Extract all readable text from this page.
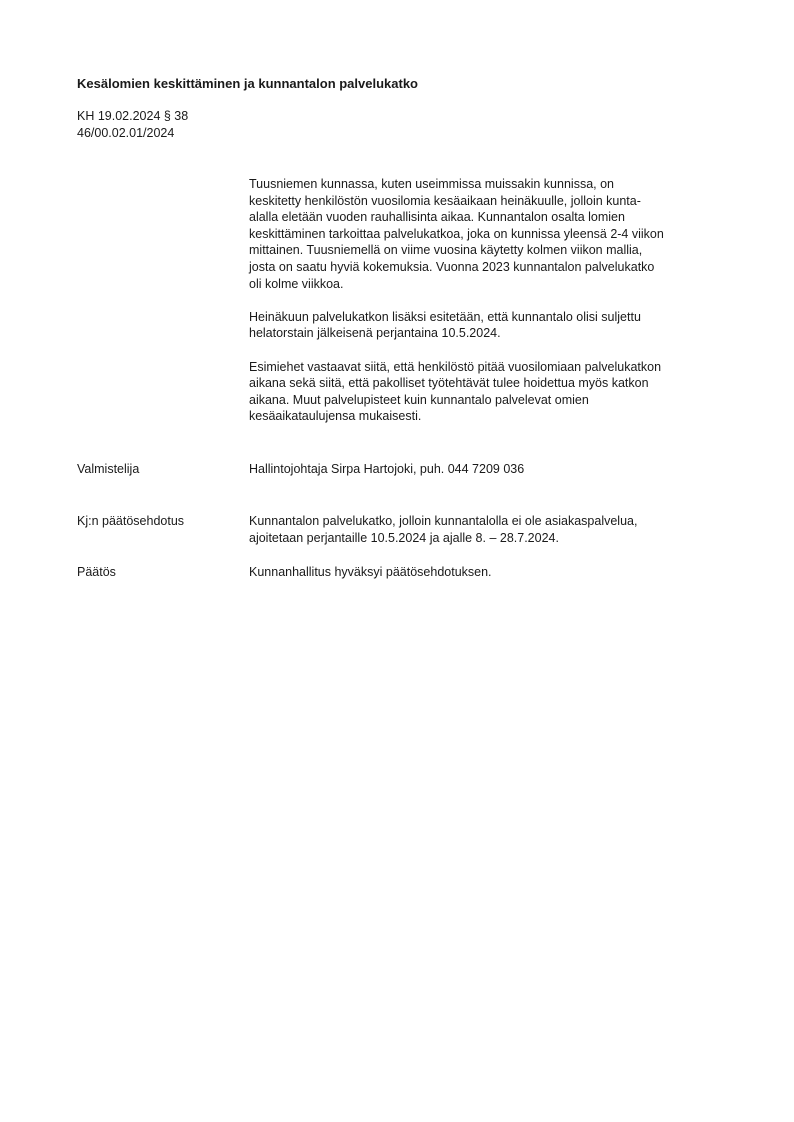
Kesälomien keskittäminen ja kunnantalon palvelukatko
KH 19.02.2024 § 38
46/00.02.01/2024

Tuusniemen kunnassa, kuten useimmissa muissakin kunnissa, on
keskitetty henkilöstön vuosilomia kesäaikaan heinäkuulle, jolloin kunta-
alalla eletään vuoden rauhallisinta aikaa. Kunnantalon osalta lomien
keskittäminen tarkoittaa palvelukatkoa, joka on kunnissa yleensä 2-4 viikon
mittainen. Tuusniemellä on viime vuosina käytetty kolmen viikon mallia,
josta on saatu hyviä kokemuksia. Vuonna 2023 kunnantalon palvelukatko
oli kolme viikkoa.

Heinäkuun palvelukatkon lisäksi esitetään, että kunnantalo olisi suljettu
helatorstain jälkeisenä perjantaina 10.5.2024.

Esimiehet vastaavat siitä, että henkilöstö pitää vuosilomiaan palvelukatkon
aikana sekä siitä, että pakolliset työtehtävät tulee hoidettua myös katkon
aikana. Muut palvelupisteet kuin kunnantalo palvelevat omien
kesäaikataulujensa mukaisesti.

Valmistelija	Hallintojohtaja Sirpa Hartojoki, puh. 044 7209 036
Kj:n päätösehdotus	Kunnantalon palvelukatko, jolloin kunnantalolla ei ole asiakaspalvelua,
ajoitetaan perjantaille 10.5.2024 ja ajalle 8. – 28.7.2024.
Päätös	Kunnanhallitus hyväksyi päätösehdotuksen.
